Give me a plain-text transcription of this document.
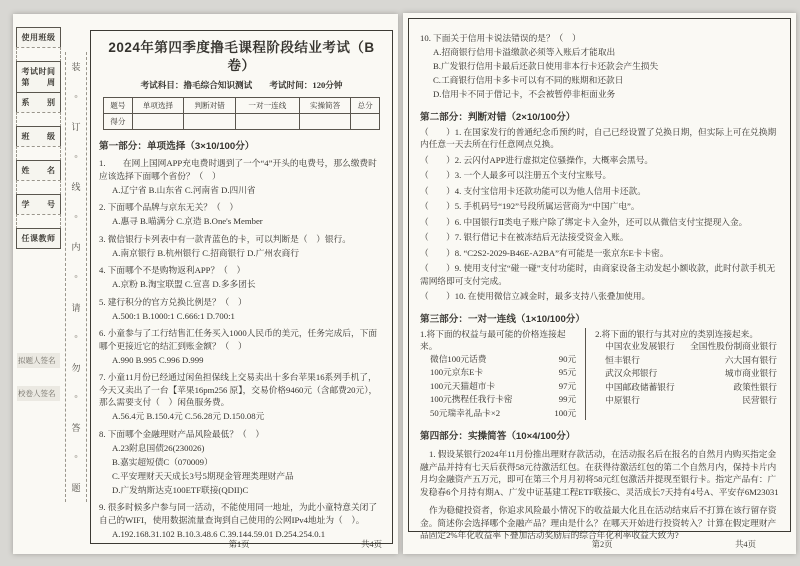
使用班级
考试时间
第　　周
系　　别
班　　级
姓　　名
学　　号
任课教师
拟题人签名
校卷人签名
装
o
订
o
线
o
内
o
请
o
勿
o
答
o
题
2024年第四季度撸毛课程阶段结业考试（B卷）
考试科目：撸毛综合知识测试　　考试时间：120分钟
题号	单项选择	判断对错	一对一连线	实操简答	总分
得分					
第一部分：单项选择（3×10/100分）
1.　　在网上国网APP充电费时遇到了一个“4”开头的电费号，那么缴费时应该选择下面哪个省份？（　）
A.辽宁省 B.山东省 C.河南省 D.四川省
2. 下面哪个品牌与京东无关？（　）
A.惠寻 B.喵满分 C.京造 B.One's Member
3. 微信银行卡列表中有一款青蓝色的卡，可以判断是（　）银行。
A.南京银行 B.杭州银行 C.招商银行 D.广州农商行
4. 下面哪个不是购物返利APP？（　）
A.京粉 B.淘宝联盟 C.宣喜 D.多多团长
5. 建行积分的官方兑换比例是？（　）
A.500:1 B.1000:1 C.666:1 D.700:1
6. 小童参与了工行结售汇任务买入1000人民币的美元，任务完成后，下面哪个更接近它的结汇到账金额？（　）
A.990 B.995 C.996 D.999
7. 小童11月份已经通过闲鱼担保线上交易卖出十多台苹果16系列手机了，今天又卖出了一台【苹果16pm256 原】，交易价格9460元（含邮费20元），那么需要支付（　）闲鱼服务费。
A.56.4元 B.150.4元 C.56.28元 D.150.08元
8. 下面哪个金融理财产品风险最低？（　）
A.23附息国债26(230026)
B.嘉实超短债C（070009）
C.平安理财天天成长3号5期现金管理类理财产品
D.广发纳斯达克100ETF联接(QDII)C
9. 很多时候多户参与同一活动，不能使用同一地址，为此小童特意关闭了自己的WIFI，使用数据流量查询到自己使用的公网IPv4地址为（　）。
A.192.168.31.102 B.10.3.48.6 C.39.144.59.01 D.254.254.0.1
第1页	共4页
10. 下面关于信用卡说法错误的是？（　）
A.招商银行信用卡溢缴款必须等入账后才能取出
B.广发银行信用卡最后还款日使用非本行卡还款会产生损失
C.工商银行信用卡多卡可以有不同的账期和还款日
D.信用卡不同于借记卡，不会被暂停非柜面业务
第二部分：判断对错（2×10/100分）
（　　）1. 在国家发行的普通纪念币预约时，自己已经设置了兑换日期，但实际上可在兑换期内任意一天去所在行任意网点兑换。
（　　）2. 云闪付APP进行虚拟定位骚操作，大概率会黑号。
（　　）3. 一个人最多可以注册五个支付宝账号。
（　　）4. 支付宝信用卡还款功能可以为他人信用卡还款。
（　　）5. 手机码号“192”号段所属运营商为“中国广电”。
（　　）6. 中国银行Ⅱ类电子账户除了绑定卡入金外，还可以从微信支付宝提现入金。
（　　）7. 银行借记卡在被冻结后无法接受资金入账。
（　　）8. “C2S2-2029-B46E-A2BA”有可能是一张京东E卡卡密。
（　　）9. 使用支付宝“碰一碰”支付功能时，由商家设备主动发起小额收款，此时付款手机无需网络即可支付完成。
（　　）10. 在使用微信立减金时，最多支持八张叠加使用。
第三部分：一对一连线（1×10/100分）
1.将下面的权益与最可能的价格连接起来。
微信100元话费	90元
100元京东E卡	95元
100元天猫超市卡	97元
100元携程任我行卡密	99元
50元瑞幸礼品卡×2	100元
2.将下面的银行与其对应的类别连接起来。
中国农业发展银行 全国性股份制商业银行
恒丰银行	六大国有银行
武汉众邦银行	城市商业银行
中国邮政储蓄银行	政策性银行
中原银行	民营银行
第四部分：实操简答（10×4/100分）
1. 假设某银行2024年11月份推出理财存款活动，在活动报名后在报名的自然月内购买指定金融产品并持有七天后获得58元待激活红包。在获得待激活红包的第二个自然月内，保持卡片内月均金融资产五万元，即可在第三个月月初将58元红包激活并提现至银行卡。指定产品有：广发稳春6个月持有期A、广发中证基建工程ETF联接C、灵活成长7天持有4号A、平安存6M23031
作为稳健投资者，你追求风险最小情况下的收益最大化且在活动结束后不打算在该行留存资金。简述你会选择哪个金融产品？理由是什么？在哪天开始进行投资转入？计算在假定理财产品固定2%年化收益率下叠加活动奖励后的综合年化利率收益大致为?
第2页	共4页
